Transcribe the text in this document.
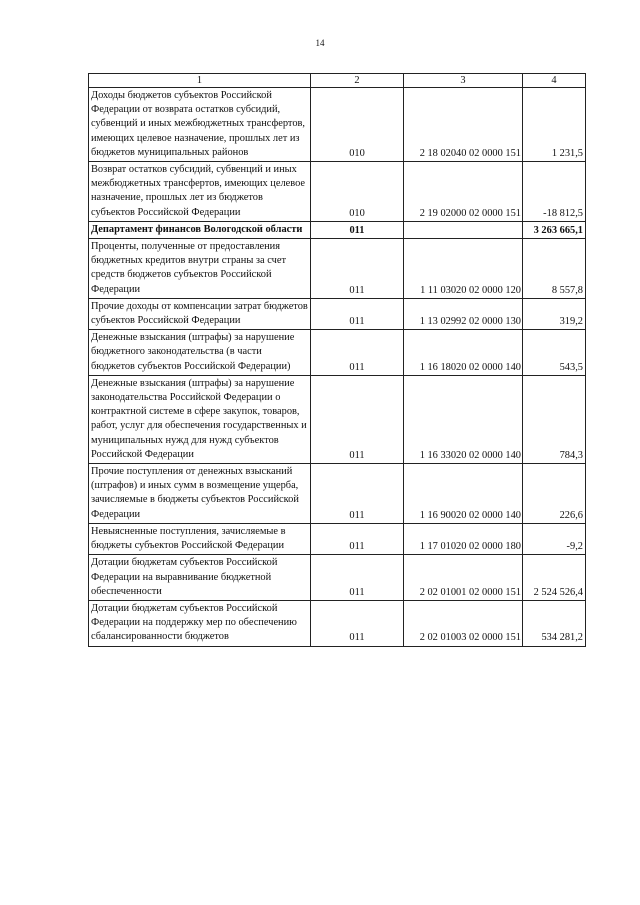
14
1	2	3	4
Доходы бюджетов субъектов Российской Федерации от возврата остатков субсидий, субвенций и иных межбюджетных трансфертов, имеющих целевое назначение, прошлых лет из бюджетов муниципальных районов	010	2 18 02040 02 0000 151	1 231,5
Возврат остатков субсидий, субвенций и иных межбюджетных трансфертов, имеющих целевое назначение, прошлых лет из бюджетов субъектов Российской Федерации	010	2 19 02000 02 0000 151	-18 812,5
Департамент финансов Вологодской области	011		3 263 665,1
Проценты, полученные от предоставления бюджетных кредитов внутри страны за счет средств бюджетов субъектов Российской Федерации	011	1 11 03020 02 0000 120	8 557,8
Прочие доходы от компенсации затрат бюджетов субъектов Российской Федерации	011	1 13 02992 02 0000 130	319,2
Денежные взыскания (штрафы) за нарушение бюджетного законодательства (в части бюджетов субъектов Российской Федерации)	011	1 16 18020 02 0000 140	543,5
Денежные взыскания (штрафы) за нарушение законодательства Российской Федерации о контрактной системе в сфере закупок, товаров, работ, услуг для обеспечения государственных и муниципальных нужд для нужд субъектов Российской Федерации	011	1 16 33020 02 0000 140	784,3
Прочие поступления от денежных взысканий (штрафов) и иных сумм в возмещение ущерба, зачисляемые в бюджеты субъектов Российской Федерации	011	1 16 90020 02 0000 140	226,6
Невыясненные поступления, зачисляемые в бюджеты субъектов Российской Федерации	011	1 17 01020 02 0000 180	-9,2
Дотации бюджетам субъектов Российской Федерации на выравнивание бюджетной обеспеченности	011	2 02 01001 02 0000 151	2 524 526,4
Дотации бюджетам субъектов Российской Федерации на поддержку мер по обеспечению сбалансированности бюджетов	011	2 02 01003 02 0000 151	534 281,2
